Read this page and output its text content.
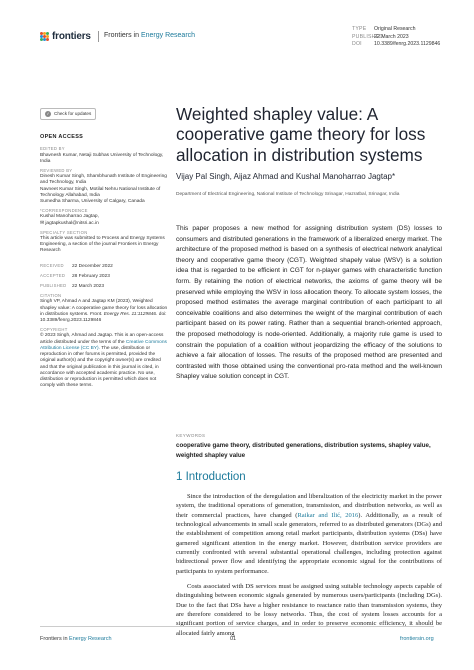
frontiers Frontiers in Energy Research
TYPE Original Research
PUBLISHED22 March 2023
DOI 10.3389/fenrg.2023.1129846
✓ Check for updates
OPEN ACCESS
EDITED BY
Bhavnesh Kumar, Netaji Subhas University of Technology, India
REVIEWED BY
Dinesh Kumar Singh, Shambhunath Institute of Engineering and Technology, India
Navneet Kumar Singh, Motilal Nehru National Institute of Technology Allahabad, India
Sumedha Sharma, University of Calgary, Canada
*CORRESPONDENCE
Kushal Manoharrao Jagtap,
✉ jagtapkushal@nitsri.ac.in
SPECIALTY SECTION
This article was submitted to Process and Energy Systems Engineering, a section of the journal Frontiers in Energy Research
RECEIVED 22 December 2022
ACCEPTED 28 February 2023
PUBLISHED 22 March 2023
CITATION
Singh VP, Ahmad A and Jagtap KM (2023), Weighted shapley value: A cooperative game theory for loss allocation in distribution systems. Front. Energy Res. 11:1129846. doi: 10.3389/fenrg.2023.1129846
COPYRIGHT
© 2023 Singh, Ahmad and Jagtap. This is an open-access article distributed under the terms of the Creative Commons Attribution License (CC BY). The use, distribution or reproduction in other forums is permitted, provided the original author(s) and the copyright owner(s) are credited and that the original publication in this journal is cited, in accordance with accepted academic practice. No use, distribution or reproduction is permitted which does not comply with these terms.
Weighted shapley value: A cooperative game theory for loss allocation in distribution systems
Vijay Pal Singh, Aijaz Ahmad and Kushal Manoharrao Jagtap*
Department of Electrical Engineering, National Institute of Technology Srinagar, Hazratbal, Srinagar, India
This paper proposes a new method for assigning distribution system (DS) losses to consumers and distributed generations in the framework of a liberalized energy market. The architecture of the proposed method is based on a synthesis of electrical network analytical theory and cooperative game theory (CGT). Weighted shapely value (WSV) is a solution idea that is regarded to be efficient in CGT for n-player games with characteristic function form. By retaining the notion of electrical networks, the axioms of game theory will be preserved while employing the WSV in loss allocation theory. To allocate system losses, the proposed method estimates the average marginal contribution of each participant to all conceivable coalitions and also determines the weight of the marginal contribution of each participant based on its power rating. Rather than a sequential branch-oriented approach, the proposed methodology is node-oriented. Additionally, a majority rule game is used to constrain the population of a coalition without jeopardizing the efficacy of the solutions to achieve a fair allocation of losses. The results of the proposed method are presented and contrasted with those obtained using the conventional pro-rata method and the well-known Shapley value solution concept in CGT.
KEYWORDS
cooperative game theory, distributed generations, distribution systems, shapley value, weighted shapley value
1 Introduction

Since the introduction of the deregulation and liberalization of the electricity market in the power system, the traditional operations of generation, transmission, and distribution networks, as well as their commercial practices, have changed (Raikar and Ilić, 2016). Additionally, as a result of technological advancements in small scale generators, referred to as distributed generators (DGs) and the establishment of competition among retail market participants, distribution systems (DSs) have garnered significant attention in the energy market. However, distribution service providers are currently confronted with several substantial operational challenges, including protection against bidirectional power flow and identifying the appropriate economic signal for the contributions of participants to system performance.

Costs associated with DS services must be assigned using suitable technology aspects capable of distinguishing between economic signals generated by numerous users/participants (including DGs). Due to the fact that DSs have a higher resistance to reactance ratio than transmission systems, they are therefore considered to be lossy networks. Thus, the cost of system losses accounts for a significant portion of service charges, and in order to preserve economic efficiency, it should be allocated fairly among

Frontiers in Energy Research	01	frontiersin.org
